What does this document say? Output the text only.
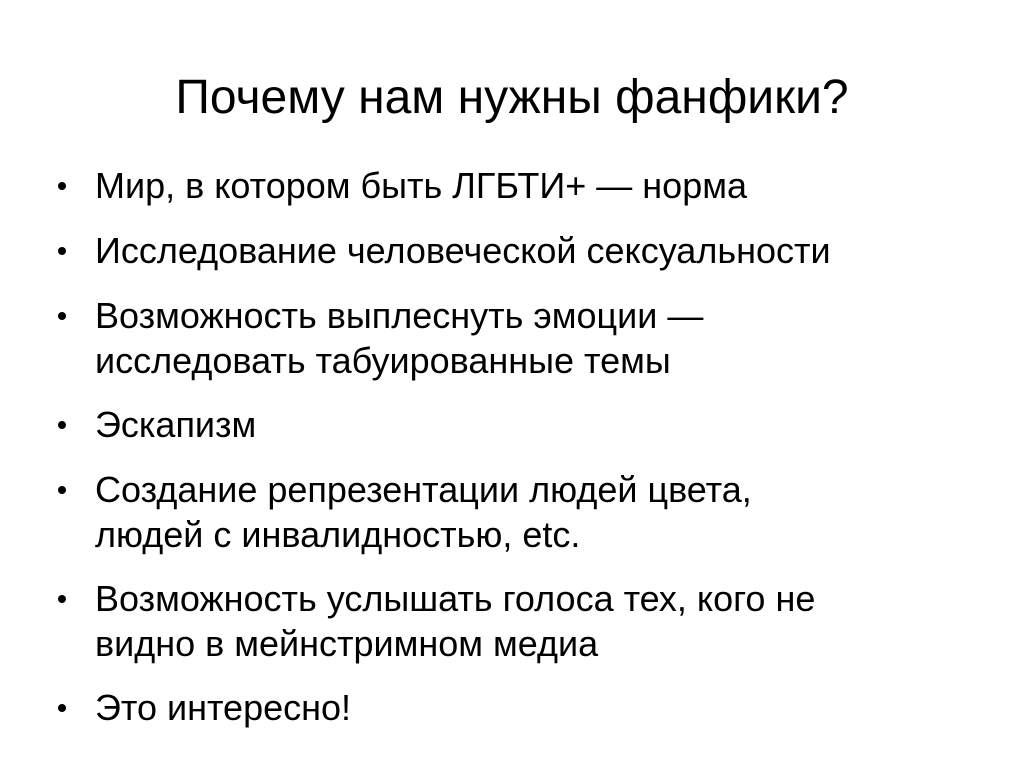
Почему нам нужны фанфики?
Мир, в котором быть ЛГБТИ+ — норма
Исследование человеческой сексуальности
Возможность выплеснуть эмоции —
исследовать табуированные темы
Эскапизм
Создание репрезентации людей цвета,
людей с инвалидностью, etc.
Возможность услышать голоса тех, кого не
видно в мейнстримном медиа
Это интересно!
